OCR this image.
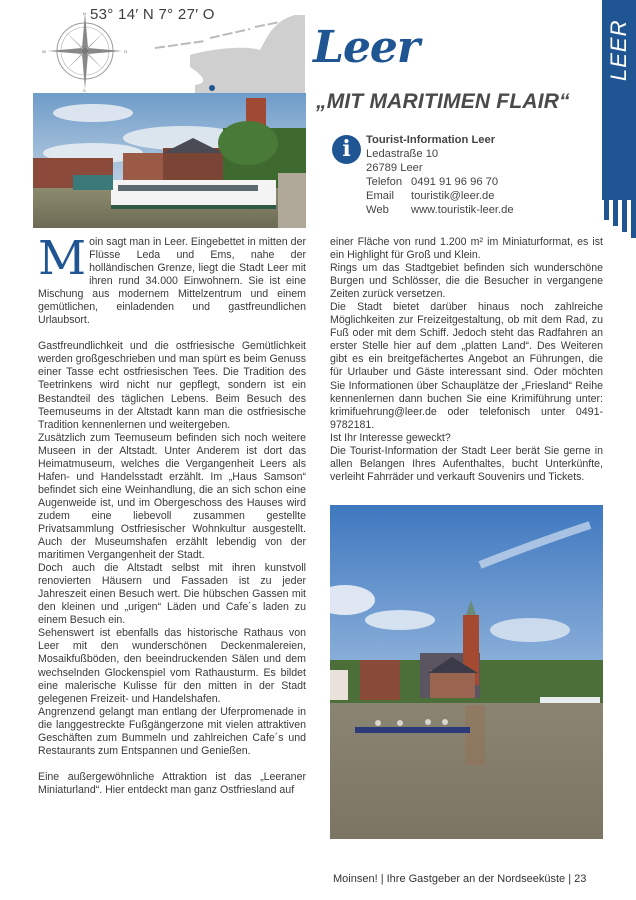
N
S
W	O
53° 14′ N 7° 27′ O
Leer
„MIT MARITIMEN FLAIR“
LEER
i	Tourist-Information Leer
Ledastraße 10
26789 Leer
Telefon 0491 91 96 96 70
Email touristik@leer.de
Web www.touristik-leer.de

Moin sagt man in Leer. Eingebettet in mitten der Flüsse Leda und Ems, nahe der holländischen Grenze, liegt die Stadt Leer mit ihren rund 34.000 Einwohnern. Sie ist eine Mischung aus modernem Mittelzentrum und einem gemütlichen, einladenden und gastfreundlichen Urlaubsort.

Gastfreundlichkeit und die ostfriesische Gemütlichkeit werden großgeschrieben und man spürt es beim Genuss einer Tasse echt ostfriesischen Tees. Die Tradition des Teetrinkens wird nicht nur gepflegt, sondern ist ein Bestandteil des täglichen Lebens. Beim Besuch des Teemuseums in der Altstadt kann man die ostfriesische Tradition kennenlernen und weitergeben.

Zusätzlich zum Teemuseum befinden sich noch weitere Museen in der Altstadt. Unter Anderem ist dort das Heimatmuseum, welches die Vergangenheit Leers als Hafen- und Handelsstadt erzählt. Im „Haus Samson“ befindet sich eine Weinhandlung, die an sich schon eine Augenweide ist, und im Obergeschoss des Hauses wird zudem eine liebevoll zusammen gestellte Privatsammlung Ostfriesischer Wohnkultur ausgestellt. Auch der Museumshafen erzählt lebendig von der maritimen Vergangenheit der Stadt.

Doch auch die Altstadt selbst mit ihren kunstvoll renovierten Häusern und Fassaden ist zu jeder Jahreszeit einen Besuch wert. Die hübschen Gassen mit den kleinen und „urigen“ Läden und Cafe´s laden zu einem Besuch ein.

Sehenswert ist ebenfalls das historische Rathaus von Leer mit den wunderschönen Deckenmalereien, Mosaikfußböden, den beeindruckenden Sälen und dem wechselnden Glockenspiel vom Rathausturm. Es bildet eine malerische Kulisse für den mitten in der Stadt gelegenen Freizeit- und Handelshafen.

Angrenzend gelangt man entlang der Uferpromenade in die langgestreckte Fußgängerzone mit vielen attraktiven Geschäften zum Bummeln und zahlreichen Cafe´s und Restaurants zum Entspannen und Genießen.

Eine außergewöhnliche Attraktion ist das „Leeraner Miniaturland“. Hier entdeckt man ganz Ostfriesland auf

einer Fläche von rund 1.200 m² im Miniaturformat, es ist ein Highlight für Groß und Klein.

Rings um das Stadtgebiet befinden sich wunderschöne Burgen und Schlösser, die die Besucher in vergangene Zeiten zurück versetzen.

Die Stadt bietet darüber hinaus noch zahlreiche Möglichkeiten zur Freizeitgestaltung, ob mit dem Rad, zu Fuß oder mit dem Schiff. Jedoch steht das Radfahren an erster Stelle hier auf dem „platten Land“. Des Weiteren gibt es ein breitgefächertes Angebot an Führungen, die für Urlauber und Gäste interessant sind. Oder möchten Sie Informationen über Schauplätze der „Friesland“ Reihe kennenlernen dann buchen Sie eine Krimiführung unter: krimifuehrung@leer.de oder telefonisch unter 0491-9782181.

Ist Ihr Interesse geweckt?

Die Tourist-Information der Stadt Leer berät Sie gerne in allen Belangen Ihres Aufenthaltes, bucht Unterkünfte, verleiht Fahrräder und verkauft Souvenirs und Tickets.

Moinsen! | Ihre Gastgeber an der Nordseeküste | 23
